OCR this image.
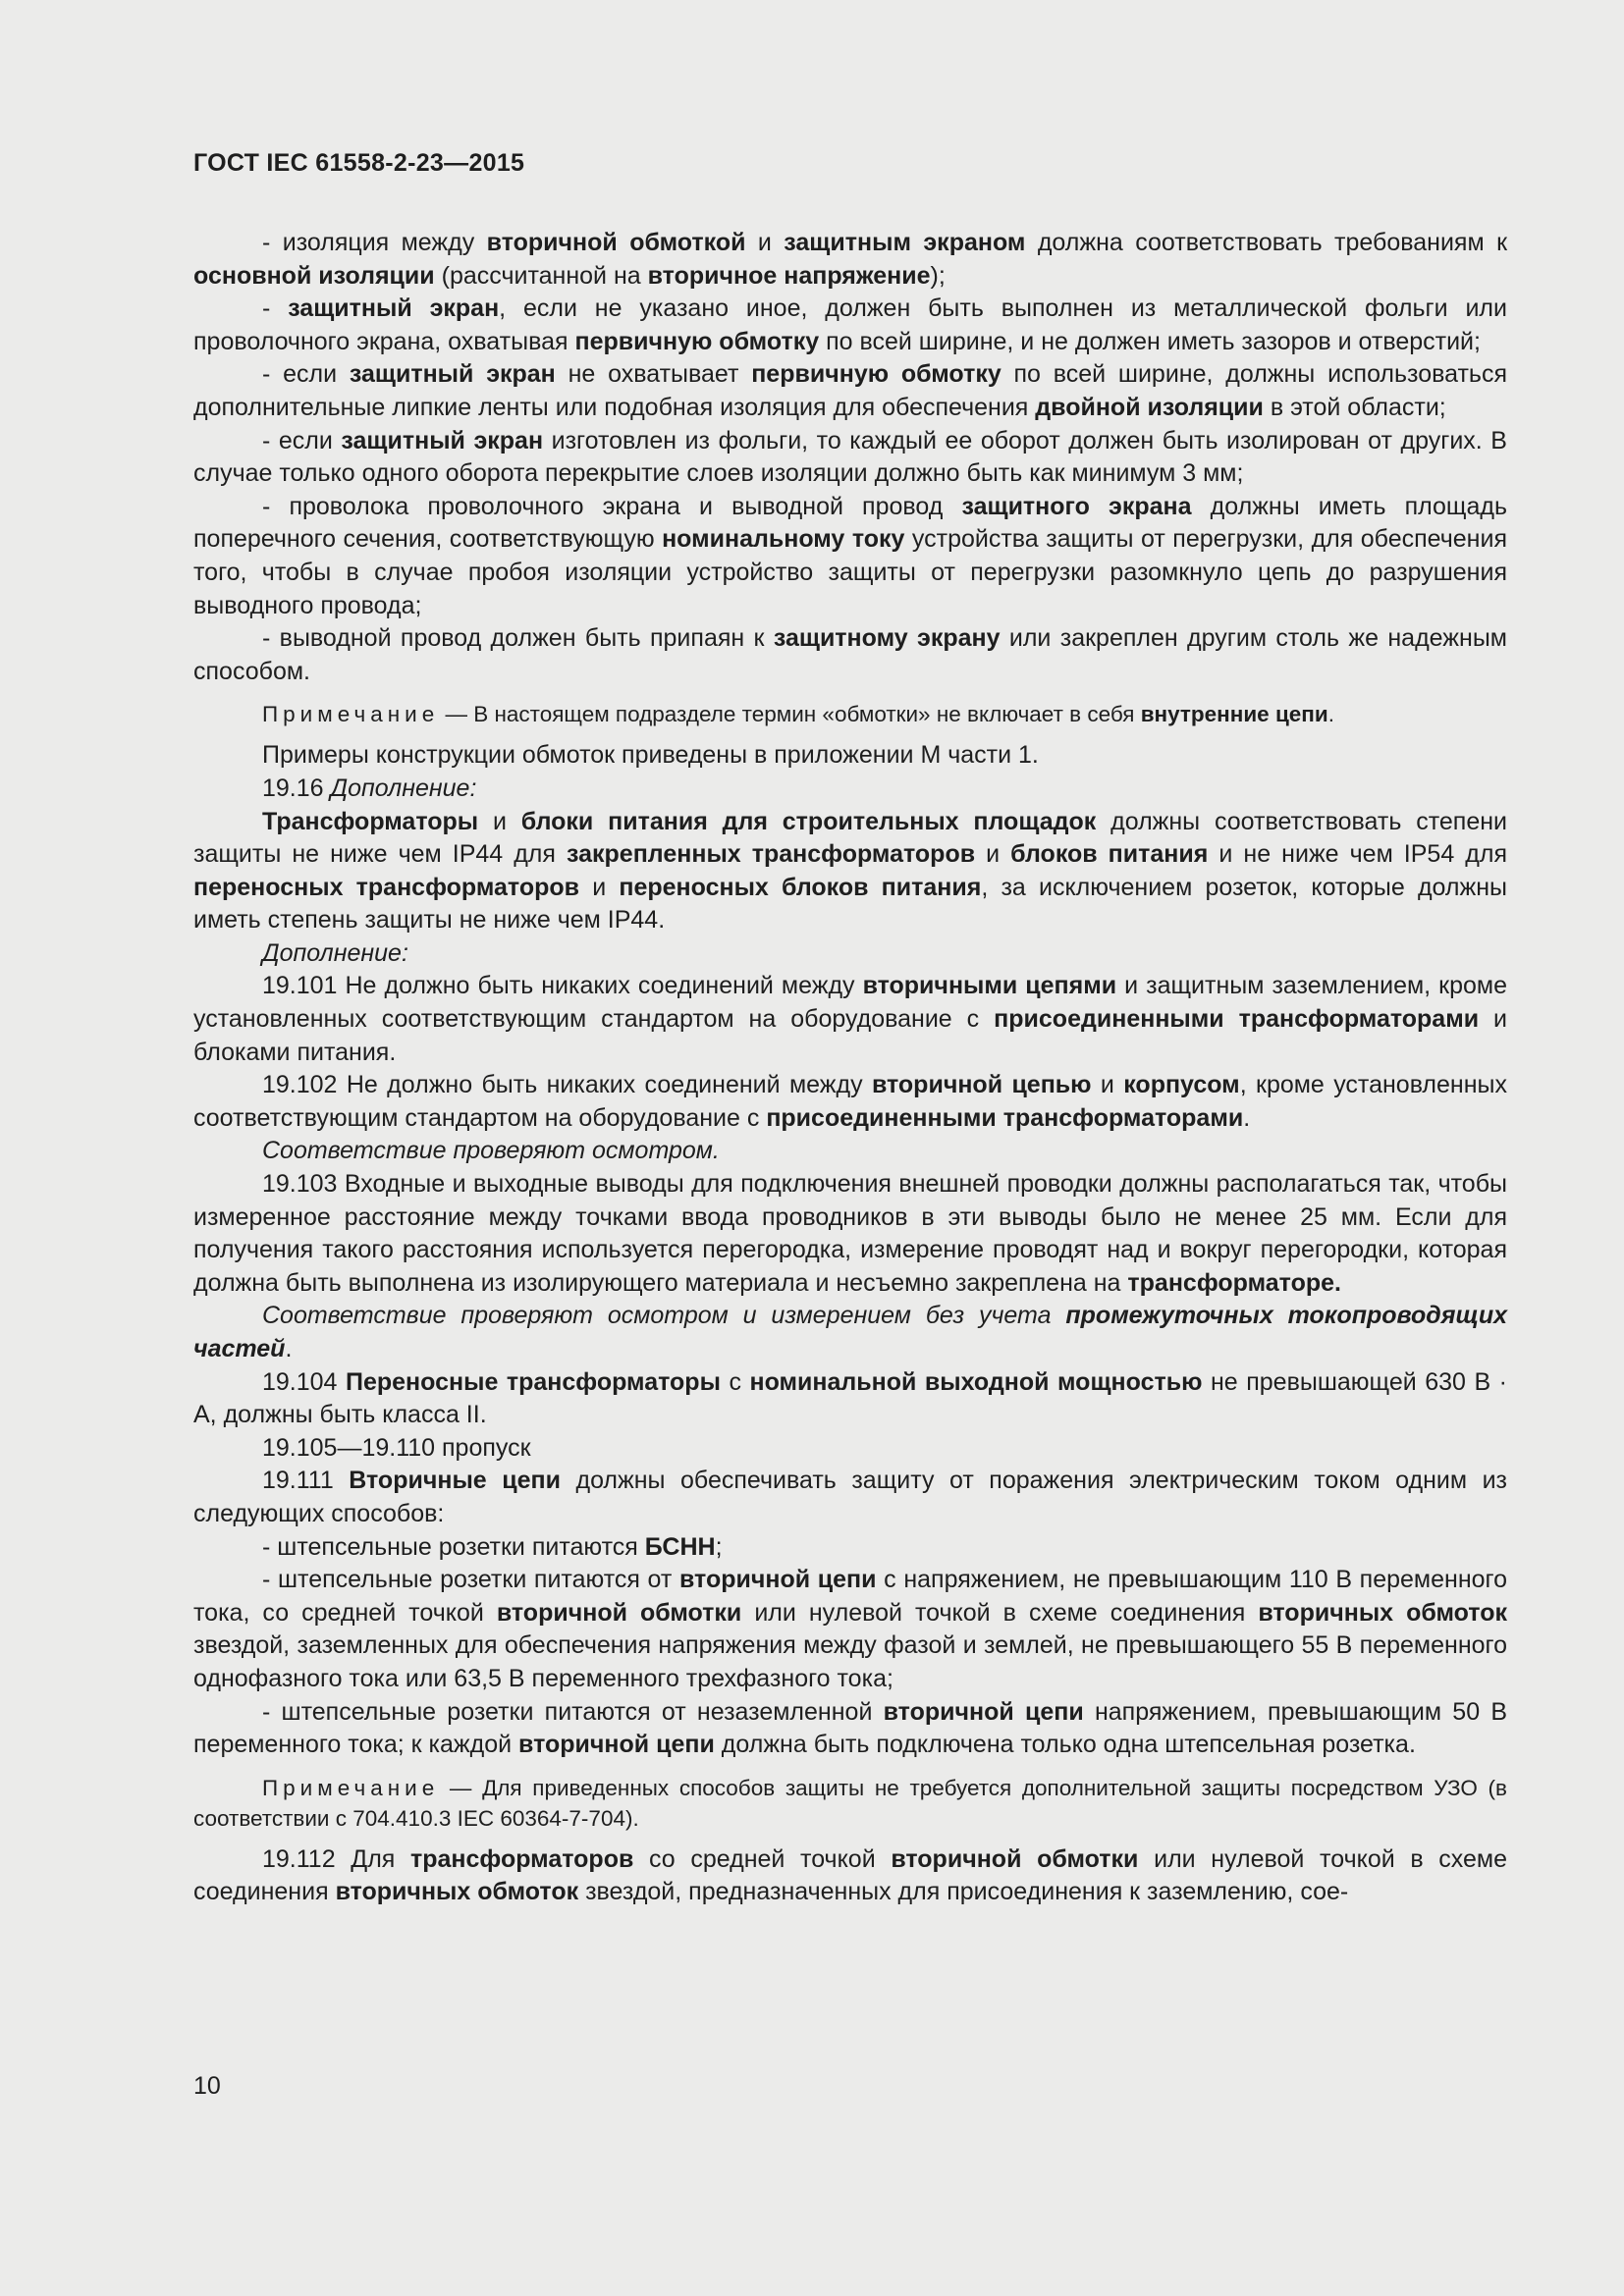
ГОСТ IEC 61558-2-23—2015

- изоляция между вторичной обмоткой и защитным экраном должна соответствовать требованиям к основной изоляции (рассчитанной на вторичное напряжение);

- защитный экран, если не указано иное, должен быть выполнен из металлической фольги или проволочного экрана, охватывая первичную обмотку по всей ширине, и не должен иметь зазоров и отверстий;

- если защитный экран не охватывает первичную обмотку по всей ширине, должны использоваться дополнительные липкие ленты или подобная изоляция для обеспечения двойной изоляции в этой области;

- если защитный экран изготовлен из фольги, то каждый ее оборот должен быть изолирован от других. В случае только одного оборота перекрытие слоев изоляции должно быть как минимум 3 мм;

- проволока проволочного экрана и выводной провод защитного экрана должны иметь площадь поперечного сечения, соответствующую номинальному току устройства защиты от перегрузки, для обеспечения того, чтобы в случае пробоя изоляции устройство защиты от перегрузки разомкнуло цепь до разрушения выводного провода;

- выводной провод должен быть припаян к защитному экрану или закреплен другим столь же надежным способом.

Примечание — В настоящем подразделе термин «обмотки» не включает в себя внутренние цепи.

Примеры конструкции обмоток приведены в приложении M части 1.

19.16 Дополнение:

Трансформаторы и блоки питания для строительных площадок должны соответствовать степени защиты не ниже чем IP44 для закрепленных трансформаторов и блоков питания и не ниже чем IP54 для переносных трансформаторов и переносных блоков питания, за исключением розеток, которые должны иметь степень защиты не ниже чем IP44.

Дополнение:

19.101 Не должно быть никаких соединений между вторичными цепями и защитным заземлением, кроме установленных соответствующим стандартом на оборудование с присоединенными трансформаторами и блоками питания.

19.102 Не должно быть никаких соединений между вторичной цепью и корпусом, кроме установленных соответствующим стандартом на оборудование с присоединенными трансформаторами.

Соответствие проверяют осмотром.

19.103 Входные и выходные выводы для подключения внешней проводки должны располагаться так, чтобы измеренное расстояние между точками ввода проводников в эти выводы было не менее 25 мм. Если для получения такого расстояния используется перегородка, измерение проводят над и вокруг перегородки, которая должна быть выполнена из изолирующего материала и несъемно закреплена на трансформаторе.

Соответствие проверяют осмотром и измерением без учета промежуточных токопроводящих частей.

19.104 Переносные трансформаторы с номинальной выходной мощностью не превышающей 630 В · А, должны быть класса II.

19.105—19.110 пропуск

19.111 Вторичные цепи должны обеспечивать защиту от поражения электрическим током одним из следующих способов:

- штепсельные розетки питаются БСНН;

- штепсельные розетки питаются от вторичной цепи с напряжением, не превышающим 110 В переменного тока, со средней точкой вторичной обмотки или нулевой точкой в схеме соединения вторичных обмоток звездой, заземленных для обеспечения напряжения между фазой и землей, не превышающего 55 В переменного однофазного тока или 63,5 В переменного трехфазного тока;

- штепсельные розетки питаются от незаземленной вторичной цепи напряжением, превышающим 50 В переменного тока; к каждой вторичной цепи должна быть подключена только одна штепсельная розетка.

Примечание — Для приведенных способов защиты не требуется дополнительной защиты посредством УЗО (в соответствии с 704.410.3 IEC 60364-7-704).

19.112 Для трансформаторов со средней точкой вторичной обмотки или нулевой точкой в схеме соединения вторичных обмоток звездой, предназначенных для присоединения к заземлению, сое-

10
